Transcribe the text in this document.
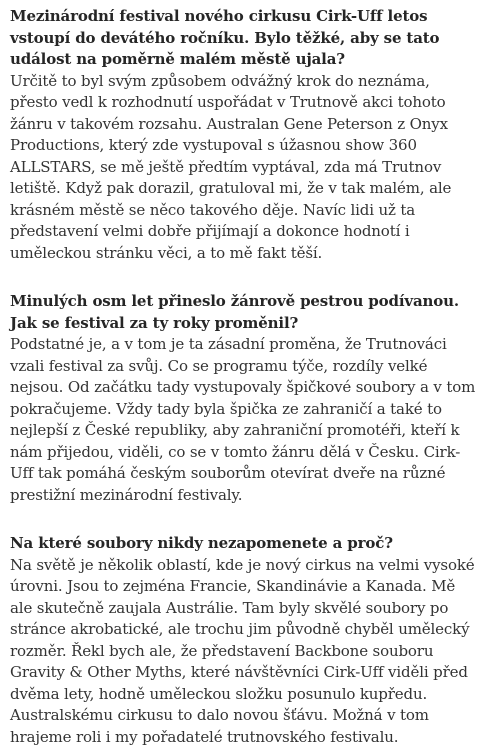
Mezinárodní festival nového cirkusu Cirk-Uff letos vstoupí do devátého ročníku. Bylo těžké, aby se tato událost na poměrně malém městě ujala?

Určitě to byl svým způsobem odvážný krok do neznáma, přesto vedl k rozhodnutí uspořádat v Trutnově akci tohoto žánru v takovém rozsahu. Australan Gene Peterson z Onyx Productions, který zde vystupoval s úžasnou show 360 ALLSTARS, se mě ještě předtím vyptával, zda má Trutnov letiště. Když pak dorazil, gratuloval mi, že v tak malém, ale krásném městě se něco takového děje. Navíc lidi už ta představení velmi dobře přijímají a dokonce hodnotí i uměleckou stránku věci, a to mě fakt těší.

Minulých osm let přineslo žánrově pestrou podívanou. Jak se festival za ty roky proměnil?

Podstatné je, a v tom je ta zásadní proměna, že Trutnováci vzali festival za svůj. Co se programu týče, rozdíly velké nejsou. Od začátku tady vystupovaly špičkové soubory a v tom pokračujeme. Vždy tady byla špička ze zahraničí a také to nejlepší z České republiky, aby zahraniční promotéři, kteří k nám přijedou, viděli, co se v tomto žánru dělá v Česku. Cirk-Uff tak pomáhá českým souborům otevírat dveře na různé prestižní mezinárodní festivaly.

Na které soubory nikdy nezapomenete a proč?

Na světě je několik oblastí, kde je nový cirkus na velmi vysoké úrovni. Jsou to zejména Francie, Skandinávie a Kanada. Mě ale skutečně zaujala Austrálie. Tam byly skvělé soubory po stránce akrobatické, ale trochu jim původně chyběl umělecký rozměr. Řekl bych ale, že představení Backbone souboru Gravity & Other Myths, které návštěvníci Cirk-Uff viděli před dvěma lety, hodně uměleckou složku posunulo kupředu. Australskému cirkusu to dalo novou šťávu. Možná v tom hrajeme roli i my pořadatelé trutnovského festivalu.
